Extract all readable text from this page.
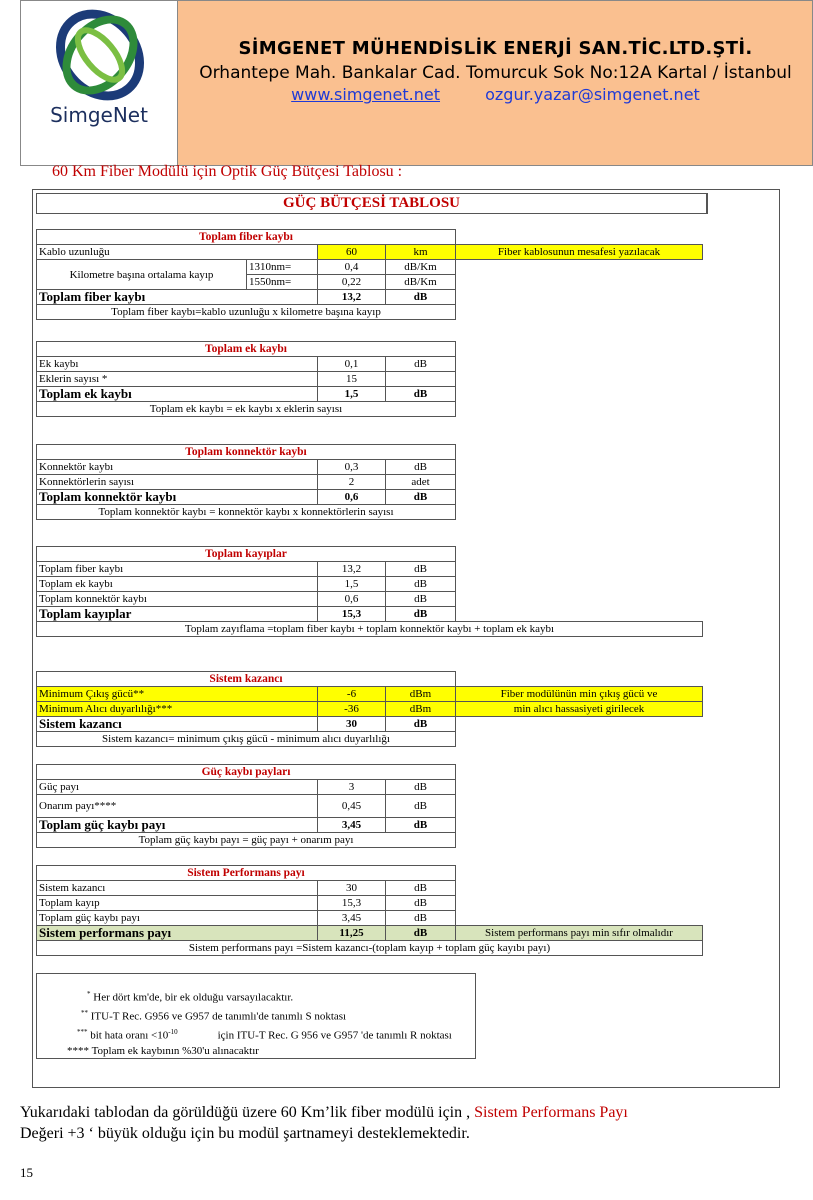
SimgeNet
SİMGENET MÜHENDİSLİK ENERJİ SAN.TİC.LTD.ŞTİ.
Orhantepe Mah. Bankalar Cad. Tomurcuk Sok No:12A Kartal / İstanbul
www.simgenet.net	ozgur.yazar@simgenet.net
60 Km Fiber Modülü için Optik Güç Bütçesi Tablosu :
GÜÇ BÜTÇESİ TABLOSU
Toplam fiber kaybı				
Kablo uzunluğu		60	km	Fiber kablosunun mesafesi yazılacak
Kilometre başına ortalama kayıp	1310nm=	0,4	dB/Km	
	1550nm=	0,22	dB/Km	
Toplam fiber kaybı		13,2	dB	
Toplam fiber kaybı=kablo uzunluğu x kilometre başına kayıp				
Toplam ek kaybı			
Ek kaybı	0,1	dB	
Eklerin sayısı *	15		
Toplam ek kaybı	1,5	dB	
Toplam ek kaybı = ek kaybı x eklerin sayısı			
Toplam konnektör kaybı			
Konnektör kaybı	0,3	dB	
Konnektörlerin sayısı	2	adet	
Toplam konnektör kaybı	0,6	dB	
Toplam konnektör kaybı = konnektör kaybı x konnektörlerin sayısı			
Toplam kayıplar			
Toplam fiber kaybı	13,2	dB	
Toplam ek kaybı	1,5	dB	
Toplam konnektör kaybı	0,6	dB	
Toplam kayıplar	15,3	dB	
Toplam zayıflama =toplam fiber kaybı + toplam konnektör kaybı + toplam ek kaybı			
Sistem kazancı			
Minimum Çıkış gücü**	-6	dBm	Fiber modülünün min çıkış gücü ve
Minimum Alıcı duyarlılığı***	-36	dBm	min alıcı hassasiyeti girilecek
Sistem kazancı	30	dB	
Sistem kazancı= minimum çıkış gücü - minimum alıcı duyarlılığı			
Güç kaybı payları			
Güç payı	3	dB	
Onarım payı****	0,45	dB	
Toplam güç kaybı payı	3,45	dB	
Toplam güç kaybı payı = güç payı + onarım payı			
Sistem Performans payı			
Sistem kazancı	30	dB	
Toplam kayıp	15,3	dB	
Toplam güç kaybı payı	3,45	dB	
Sistem performans payı	11,25	dB	Sistem performans payı min sıfır olmalıdır
Sistem performans payı =Sistem kazancı-(toplam kayıp + toplam güç kayıbı payı)			
* Her dört km'de, bir ek olduğu varsayılacaktır.
** ITU-T Rec. G956 ve G957 de tanımlı'de tanımlı S noktası
*** bit hata oranı $<10^{-10}$	için ITU-T Rec. G 956 ve G957 'de tanımlı R noktası
**** Toplam ek kaybının %30'u alınacaktır
Yukarıdaki tablodan da görüldüğü üzere 60 Km’lik fiber modülü için , Sistem Performans Payı
Değeri +3 ‘ büyük olduğu için bu modül şartnameyi desteklemektedir.
15
